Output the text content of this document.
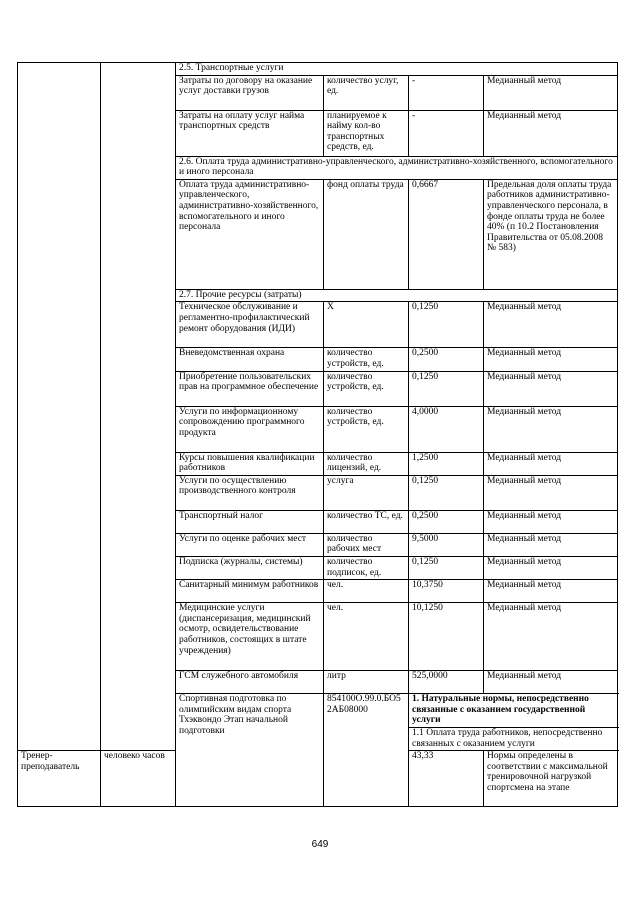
		2.5. Транспортные услуги			
		Затраты по договору на оказание услуг доставки грузов	количество услуг, ед.	-	Медианный метод
		Затраты на оплату услуг найма транспортных средств	планируемое к найму кол-во транспортных средств, ед.	-	Медианный метод
		2.6. Оплата труда административно-управленческого, административно-хозяйственного, вспомогательного и иного персонала			
		Оплата труда административно-управленческого, административно-хозяйственного, вспомогательного и иного персонала	фонд оплаты труда	0,6667	Предельная доля оплаты труда работников административно-управленческого персонала, в фонде оплаты труда не более 40% (п 10.2 Постановления Правительства от 05.08.2008 № 583)
		2.7. Прочие ресурсы (затраты)			
		Техническое обслуживание и регламентно-профилактический ремонт оборудования (ИДИ)	X	0,1250	Медианный метод
		Вневедомственная охрана	количество устройств, ед.	0,2500	Медианный метод
		Приобретение пользовательских прав на программное обеспечение	количество устройств, ед.	0,1250	Медианный метод
		Услуги по информационному сопровождению программного продукта	количество устройств, ед.	4,0000	Медианный метод
		Курсы повышения квалификации работников	количество лицензий, ед.	1,2500	Медианный метод
		Услуги по осуществлению производственного контроля	услуга	0,1250	Медианный метод
		Транспортный налог	количество ТС, ед.	0,2500	Медианный метод
		Услуги по оценке рабочих мест	количество рабочих мест	9,5000	Медианный метод
		Подписка (журналы, системы)	количество подписок, ед.	0,1250	Медианный метод
		Санитарный минимум работников	чел.	10,3750	Медианный метод
		Медицинские услуги (диспансеризация, медицинский осмотр, освидетельствование работников, состоящих в штате учреждения)	чел.	10,1250	Медианный метод
		ГСМ служебного автомобиля	литр	525,0000	Медианный метод
		Спортивная подготовка по олимпийским видам спорта Тхэквондо Этап начальной подготовки	854100О.99.0.БО52АБ08000	1. Натуральные нормы, непосредственно связанные с оказанием государственной услуги	
				1.1 Оплата труда работников, непосредственно связанных с оказанием услуги	
Тренер-преподаватель	человеко часов			43,33	Нормы определены в соответствии с максимальной тренировочной нагрузкой спортсмена на этапе
649
